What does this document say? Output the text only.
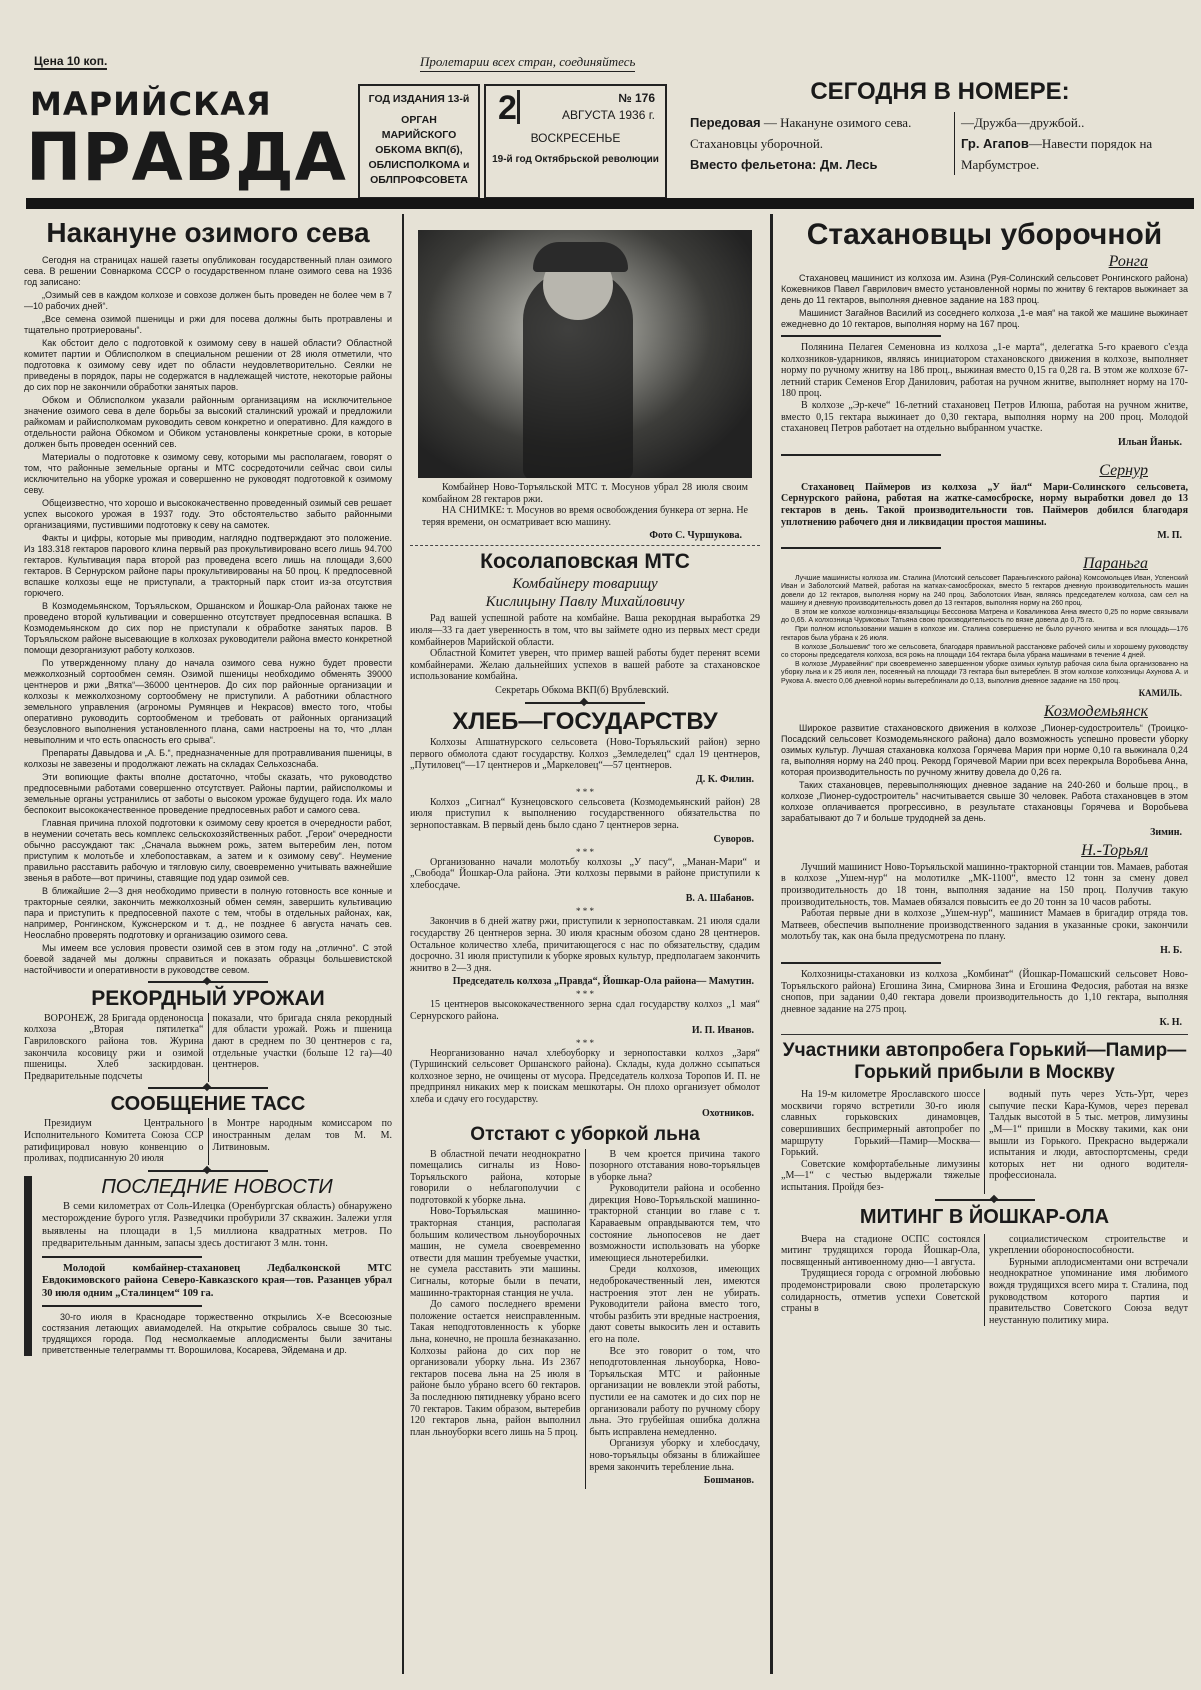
Цена 10 коп.	Пролетарии всех стран, соединяйтесь
МАРИЙСКАЯ
ПРАВДА
ГОД ИЗДАНИЯ 13-й
ОРГАН
МАРИЙСКОГО
ОБКОМА ВКП(б),
ОБЛИСПОЛКОМА и
ОБЛПРОФСОВЕТА
2	№ 176
АВГУСТА 1936 г.
ВОСКРЕСЕНЬЕ
19-й год Октябрьской революции
СЕГОДНЯ В НОМЕРЕ:
Передовая — Накануне озимого сева.
Стахановцы уборочной.
Вместо фельетона: Дм. Лесь
—Дружба—дружбой..
Гр. Агапов—Навести порядок на Марбумстрое.
Накануне озимого сева

Сегодня на страницах нашей газеты опубликован государственный план озимого сева. В решении Совнаркома СССР о государственном плане озимого сева на 1936 год записано:

„Озимый сев в каждом колхозе и совхозе должен быть проведен не более чем в 7—10 рабочих дней“.

„Все семена озимой пшеницы и ржи для посева должны быть протравлены и тщательно протриерованы“.

Как обстоит дело с подготовкой к озимому севу в нашей области? Областной комитет партии и Облисполком в специальном решении от 28 июля отметили, что подготовка к озимому севу идет по области неудовлетворительно. Сеялки не приведены в порядок, пары не содержатся в надлежащей чистоте, некоторые районы до сих пор не закончили обработки занятых паров.

Обком и Облисполком указали районным организациям на исключительное значение озимого сева в деле борьбы за высокий сталинский урожай и предложили райкомам и райисполкомам руководить севом конкретно и оперативно. Для каждого в отдельности района Обкомом и Обиком установлены конкретные сроки, в которые должен быть проведен осенний сев.

Материалы о подготовке к озимому севу, которыми мы располагаем, говорят о том, что районные земельные органы и МТС сосредоточили сейчас свои силы исключительно на уборке урожая и совершенно не руководят подготовкой к озимому севу.

Общеизвестно, что хорошо и высококачественно проведенный озимый сев решает успех высокого урожая в 1937 году. Это обстоятельство забыто районными организациями, пустившими подготовку к севу на самотек.

Факты и цифры, которые мы приводим, наглядно подтверждают это положение. Из 183.318 гектаров парового клина первый раз прокультивировано всего лишь 94.700 гектаров. Культивация пара второй раз проведена всего лишь на площади 3,600 гектаров. В Сернурском районе пары прокультивированы на 50 проц. К предпосевной вспашке колхозы еще не приступали, а тракторный парк стоит из-за отсутствия горючего.

В Козмодемьянском, Торъяльском, Оршанском и Йошкар-Ола районах также не проведено второй культивации и совершенно отсутствует предпосевная вспашка. В Козмодемьянском до сих пор не приступали к обработке занятых паров. В Торъяльском районе высевающие в колхозах руководители района вместо конкретной помощи дезорганизуют работу колхозов.

По утвержденному плану до начала озимого сева нужно будет провести межколхозный сортообмен семян. Озимой пшеницы необходимо обменять 39000 центнеров и ржи „Вятка“—36000 центнеров. До сих пор районные организации и колхозы к межколхозному сортообмену не приступили. А работники областного земельного управления (агрономы Румянцев и Некрасов) вместо того, чтобы оперативно руководить сортообменом и требовать от районных организаций безусловного выполнения установленного плана, сами настроены на то, что „план невыполним и что есть опасность его срыва“.

Препараты Давыдова и „А. Б.“, предназначенные для протравливания пшеницы, в колхозы не завезены и продолжают лежать на складах Сельхозснаба.

Эти вопиющие факты вполне достаточно, чтобы сказать, что руководство предпосевными работами совершенно отсутствует. Районы партии, райисполкомы и земельные органы устранились от заботы о высоком урожае будущего года. Их мало беспокоит высококачественное проведение предпосевных работ и самого сева.

Главная причина плохой подготовки к озимому севу кроется в очередности работ, в неумении сочетать весь комплекс сельскохозяйственных работ. „Герои“ очередности обычно рассуждают так: „Сначала выжнем рожь, затем вытеребим лен, потом приступим к молотьбе и хлебопоставкам, а затем и к озимому севу“. Неумение правильно расставить рабочую и тягловую силу, своевременно учитывать важнейшие звенья в работе—вот причины, ставящие под удар озимой сев.

В ближайшие 2—3 дня необходимо привести в полную готовность все конные и тракторные сеялки, закончить межколхозный обмен семян, завершить культивацию пара и приступить к предпосевной пахоте с тем, чтобы в отдельных районах, как, например, Ронгинском, Кужснерском и т. д., не позднее 6 августа начать сев. Неослабно проверять подготовку и организацию озимого сева.

Мы имеем все условия провести озимой сев в этом году на „отлично“. С этой боевой задачей мы должны справиться и показать образцы большевистской настойчивости и оперативности в руководстве севом.

РЕКОРДНЫЙ УРОЖАИ

ВОРОНЕЖ, 28 Бригада орденоносца колхоза „Вторая пятилетка“ Гавриловского района тов. Журина закончила косовицу ржи и озимой пшеницы. Хлеб заскирдован. Предварительные подсчеты

показали, что бригада сняла рекордный для области урожай. Рожь и пшеница дают в среднем по 30 центнеров с га, отдельные участки (больше 12 га)—40 центнеров.

СООБЩЕНИЕ ТАСС

Президиум Центрального Исполнительного Комитета Союза ССР ратифицировал новую конвенцию о проливах, подписанную 20 июля

в Монтре народным комиссаром по иностранным делам тов М. М. Литвиновым.

ПОСЛЕДНИЕ НОВОСТИ

В семи километрах от Соль-Илецка (Оренбургская область) обнаружено месторождение бурого угля. Разведчики пробурили 37 скважин. Залежи угля выявлены на площади в 1,5 миллиона квадратных метров. По предварительным данным, запасы здесь достигают 3 млн. тонн.

Молодой комбайнер-стахановец Ледбалконской МТС Евдокимовского района Северо-Кавказского края—тов. Разанцев убрал 30 июля одним „Сталинцем“ 109 га.

30-го июля в Краснодаре торжественно открылись X-е Всесоюзные состязания летающих авиамоделей. На открытие собралось свыше 30 тыс. трудящихся города. Под несмолкаемые аплодисменты были зачитаны приветственные телеграммы тт. Ворошилова, Косарева, Эйдемана и др.

Комбайнер Ново-Торъяльской МТС т. Мосунов убрал 28 июля своим комбайном 28 гектаров ржи.

НА СНИМКЕ: т. Мосунов во время освобождения бункера от зерна. Не теряя времени, он осматривает всю машину.

Фото С. Чуршукова.
Косолаповская МТС
Комбайнеру товарищу
Кислицыну Павлу Михайловичу

Рад вашей успешной работе на комбайне. Ваша рекордная выработка 29 июля—33 га дает уверенность в том, что вы займете одно из первых мест среди комбайнеров Марийской области.

Областной Комитет уверен, что пример вашей работы будет перенят всеми комбайнерами. Желаю дальнейших успехов в вашей работе за стахановское использование комбайна.

Секретарь Обкома ВКП(б) Врублевский.
ХЛЕБ—ГОСУДАРСТВУ

Колхозы Апшатнурского сельсовета (Ново-Торъяльский район) зерно первого обмолота сдают государству. Колхоз „Земледелец“ сдал 19 центнеров, „Путиловец“—17 центнеров и „Маркеловец“—57 центнеров.

Д. К. Филин.
* * *

Колхоз „Сигнал“ Кузнецовского сельсовета (Козмодемьянский район) 28 июля приступил к выполнению государственного обязательства по зернопоставкам. В первый день было сдано 7 центнеров зерна.

Суворов.
* * *

Организованно начали молотьбу колхозы „У пасу“, „Манан-Мари“ и „Свобода“ Йошкар-Ола района. Эти колхозы первыми в районе приступили к хлебосдаче.

В. А. Шабанов.
* * *

Закончив в 6 дней жатву ржи, приступили к зернопоставкам. 21 июля сдали государству 26 центнеров зерна. 30 июля красным обозом сдано 28 центнеров. Остальное количество хлеба, причитающегося с нас по обязательству, сдадим досрочно. 31 июля приступили к уборке яровых культур, предполагаем закончить жнитво в 2—3 дня.

Председатель колхоза „Правда“, Йошкар-Ола района— Мамутин.
* * *

15 центнеров высококачественного зерна сдал государству колхоз „1 мая“ Сернурского района.

И. П. Иванов.
* * *

Неорганизованно начал хлебоуборку и зернопоставки колхоз „Заря“ (Туршинский сельсовет Оршанского района). Склады, куда должно ссыпаться колхозное зерно, не очищены от мусора. Председатель колхоза Торопов И. П. не предпринял никаких мер к поискам мешкотары. Он плохо организует обмолот хлеба и сдачу его государству.

Охотников.
Отстают с уборкой льна

В областной печати неоднократно помещались сигналы из Ново-Торъяльского района, которые говорили о неблагополучии с подготовкой к уборке льна.

Ново-Торъяльская машинно-тракторная станция, располагая большим количеством льноуборочных машин, не сумела своевременно отвести для машин требуемые участки, не сумела расставить эти машины. Сигналы, которые были в печати, машинно-тракторная станция не учла.

До самого последнего времени положение остается неисправленным. Такая неподготовленность к уборке льна, конечно, не прошла безнаказанно. Колхозы района до сих пор не организовали уборку льна. Из 2367 гектаров посева льна на 25 июля в районе было убрано всего 60 гектаров. За последнюю пятидневку убрано всего 70 гектаров. Таким образом, вытеребив 120 гектаров льна, район выполнил план льноуборки всего лишь на 5 проц.

В чем кроется причина такого позорного отставания ново-торъяльцев в уборке льна?

Руководители района и особенно дирекция Ново-Торъяльской машинно-тракторной станции во главе с т. Караваевым оправдываются тем, что состояние льнопосевов не дает возможности использовать на уборке имеющиеся льнотеребилки.

Среди колхозов, имеющих недоброкачественный лен, имеются настроения этот лен не убирать. Руководители района вместо того, чтобы разбить эти вредные настроения, дают советы выкосить лен и оставить его на поле.

Все это говорит о том, что неподготовленная льноуборка, Ново-Торъяльская МТС и районные организации не вовлекли этой работы, пустили ее на самотек и до сих пор не организовали работу по ручному сбору льна. Это грубейшая ошибка должна быть исправлена немедленно.

Организуя уборку и хлебосдачу, ново-торъяльцы обязаны в ближайшее время закончить теребление льна.

Бошманов.
Стахановцы уборочной
Ронга

Стахановец машинист из колхоза им. Азина (Руя-Солинский сельсовет Ронгинского района) Кожевников Павел Гаврилович вместо установленной нормы по жнитву 6 гектаров выжинает за день до 11 гектаров, выполняя дневное задание на 183 проц.

Машинист Загайнов Василий из соседнего колхоза „1-е мая“ на такой же машине выжинает ежедневно до 10 гектаров, выполняя норму на 167 проц.

Полянина Пелагея Семеновна из колхоза „1-е марта“, делегатка 5-го краевого с'езда колхозников-ударников, являясь инициатором стахановского движения в колхозе, выполняет норму по ручному жнитву на 186 проц., выжиная вместо 0,15 га 0,28 га. В этом же колхозе 67-летний старик Семенов Егор Данилович, работая на ручном жнитве, выполняет норму на 170-180 проц.

В колхозе „Эр-кече“ 16-летний стахановец Петров Илюша, работая на ручном жнитве, вместо 0,15 гектара выжинает до 0,30 гектара, выполняя норму на 200 проц. Молодой стахановец Петров работает на отдельно выбранном участке.

Ильан Йаньк.
Сернур

Стахановец Паймеров из колхоза „У йал“ Мари-Солинского сельсовета, Сернурского района, работая на жатке-самосброске, норму выработки довел до 13 гектаров в день. Такой производительности тов. Паймеров добился благодаря уплотнению рабочего дня и ликвидации простоя машины.

М. П.
Параньга

Лучшие машинисты колхоза им. Сталина (Илотский сельсовет Параньгинского района) Комсомольцев Иван, Успенский Иван и Заболотский Матвей, работая на жатках-самосбросках, вместо 5 гектаров дневную производительность машин довели до 12 гектаров, выполняя норму на 240 проц. Заболотских Иван, являясь председателем колхоза, сам сел на машину и дневную производительность довел до 13 гектаров, выполняя норму на 260 проц.

В этом же колхозе колхозницы-вязальщицы Бессонова Матрена и Ковалинкова Анна вместо 0,25 по норме связывали до 0,65. А колхозница Чуриковых Татьяна свою производительность по вязке довела до 0,75 га.

При полном использовании машин в колхозе им. Сталина совершенно не было ручного жнитва и вся площадь—176 гектаров была убрана к 26 июля.

В колхозе „Большевик“ того же сельсовета, благодаря правильной расстановке рабочей силы и хорошему руководству со стороны председателя колхоза, вся рожь на площади 164 гектара была убрана машинами в течение 4 дней.

В колхозе „Муравейник“ при своевременно завершенном уборке озимых культур рабочая сила была организованно на уборку льна и к 25 июля лен, посеянный на площади 73 гектара был вытереблен. В этом колхозе колхозницы Ахунова А. и Рукова А. вместо 0,06 дневной нормы вытереблинали до 0,13, выполнив дневное задание на 150 проц.

КАМИЛЬ.
Козмодемьянск

Широкое развитие стахановского движения в колхозе „Пионер-судостроитель“ (Троицко-Посадский сельсовет Козмодемьянского района) дало возможность успешно провести уборку озимых культур. Лучшая стахановка колхоза Горячева Мария при норме 0,10 га выжинала 0,24 га, выполняя норму на 240 проц. Рекорд Горячевой Марии при всех перекрыла Воробьева Анна, которая производительность по ручному жнитву довела до 0,26 га.

Таких стахановцев, перевыполняющих дневное задание на 240-260 и больше проц., в колхозе „Пионер-судостроитель“ насчитывается свыше 30 человек. Работа стахановцев в этом колхозе оплачивается прогрессивно, в результате стахановцы Горячева и Воробьева зарабатывают до 7 и больше трудодней за день.

Зимин.
Н.-Торьял

Лучший машинист Ново-Торъяльской машинно-тракторной станции тов. Мамаев, работая в колхозе „Ушем-нур“ на молотилке „МК-1100“, вместо 12 тонн за смену довел производительность до 18 тонн, выполняя задание на 150 проц. Получив такую производительность, тов. Мамаев обязался повысить ее до 20 тонн за 10 часов работы.

Работая первые дни в колхозе „Ушем-нур“, машинист Мамаев в бригадир отряда тов. Матвеев, обеспечив выполнение производственного задания в указанные сроки, закончили молотьбу так, как она была предусмотрена по плану.

Н. Б.

Колхозницы-стахановки из колхоза „Комбинат“ (Йошкар-Помашский сельсовет Ново-Торъяльского района) Егошина Зина, Смирнова Зина и Егошина Федосия, работая на вязке снопов, при задании 0,40 гектара довели производительность до 1,10 гектара, выполняя дневное задание на 275 проц.

К. Н.
Участники автопробега Горький—Памир—Горький прибыли в Москву

На 19-м километре Ярославского шоссе москвичи горячо встретили 30-го июля славных горьковских динамовцев, совершивших беспримерный автопробег по маршруту Горький—Памир—Москва—Горький.

Советские комфортабельные лимузины „М—1“ с честью выдержали тяжелые испытания. Пройдя без-

водный путь через Усть-Урт, через сыпучие пески Кара-Кумов, через перевал Талдык высотой в 5 тыс. метров, лимузины „М—1“ пришли в Москву такими, как они вышли из Горького. Прекрасно выдержали испытания и люди, автоспортсмены, среди которых нет ни одного водителя-профессионала.

МИТИНГ В ЙОШКАР-ОЛА

Вчера на стадионе ОСПС состоялся митинг трудящихся города Йошкар-Ола, посвященный антивоенному дню—1 августа.

Трудящиеся города с огромной любовью продемонстрировали свою пролетарскую солидарность, отметив успехи Советской страны в

социалистическом строительстве и укреплении обороноспособности.

Бурными аплодисментами они встречали неоднократное упоминание имя любимого вождя трудящихся всего мира т. Сталина, под руководством которого партия и правительство Советского Союза ведут неустанную политику мира.
